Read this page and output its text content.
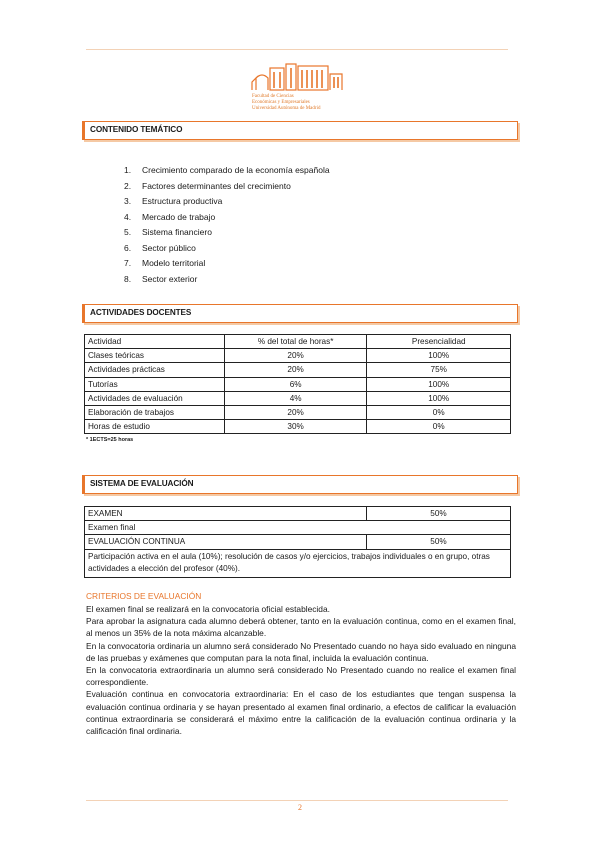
Facultad de Ciencias
Económicas y Empresariales
Universidad Autónoma de Madrid
CONTENIDO TEMÁTICO
1.	Crecimiento comparado de la economía española
2.	Factores determinantes del crecimiento
3.	Estructura productiva
4.	Mercado de trabajo
5.	Sistema financiero
6.	Sector público
7.	Modelo territorial
8.	Sector exterior
ACTIVIDADES DOCENTES
Actividad	% del total de horas*	Presencialidad
Clases teóricas	20%	100%
Actividades prácticas	20%	75%
Tutorías	6%	100%
Actividades de evaluación	4%	100%
Elaboración de trabajos	20%	0%
Horas de estudio	30%	0%
* 1ECTS=25 horas
SISTEMA DE EVALUACIÓN
EXAMEN	50%
Examen final	
EVALUACIÓN CONTINUA	50%
Participación activa en el aula (10%); resolución de casos y/o ejercicios, trabajos individuales o en grupo, otras actividades a elección del profesor (40%).	
CRITERIOS DE EVALUACIÓN

El examen final se realizará en la convocatoria oficial establecida.

Para aprobar la asignatura cada alumno deberá obtener, tanto en la evaluación continua, como en el examen final, al menos un 35% de la nota máxima alcanzable.

En la convocatoria ordinaria un alumno será considerado No Presentado cuando no haya sido evaluado en ninguna de las pruebas y exámenes que computan para la nota final, incluida la evaluación continua.

En la convocatoria extraordinaria un alumno será considerado No Presentado cuando no realice el examen final correspondiente.

Evaluación continua en convocatoria extraordinaria: En el caso de los estudiantes que tengan suspensa la evaluación continua ordinaria y se hayan presentado al examen final ordinario, a efectos de calificar la evaluación continua extraordinaria se considerará el máximo entre la calificación de la evaluación continua ordinaria y la calificación final ordinaria.

2
